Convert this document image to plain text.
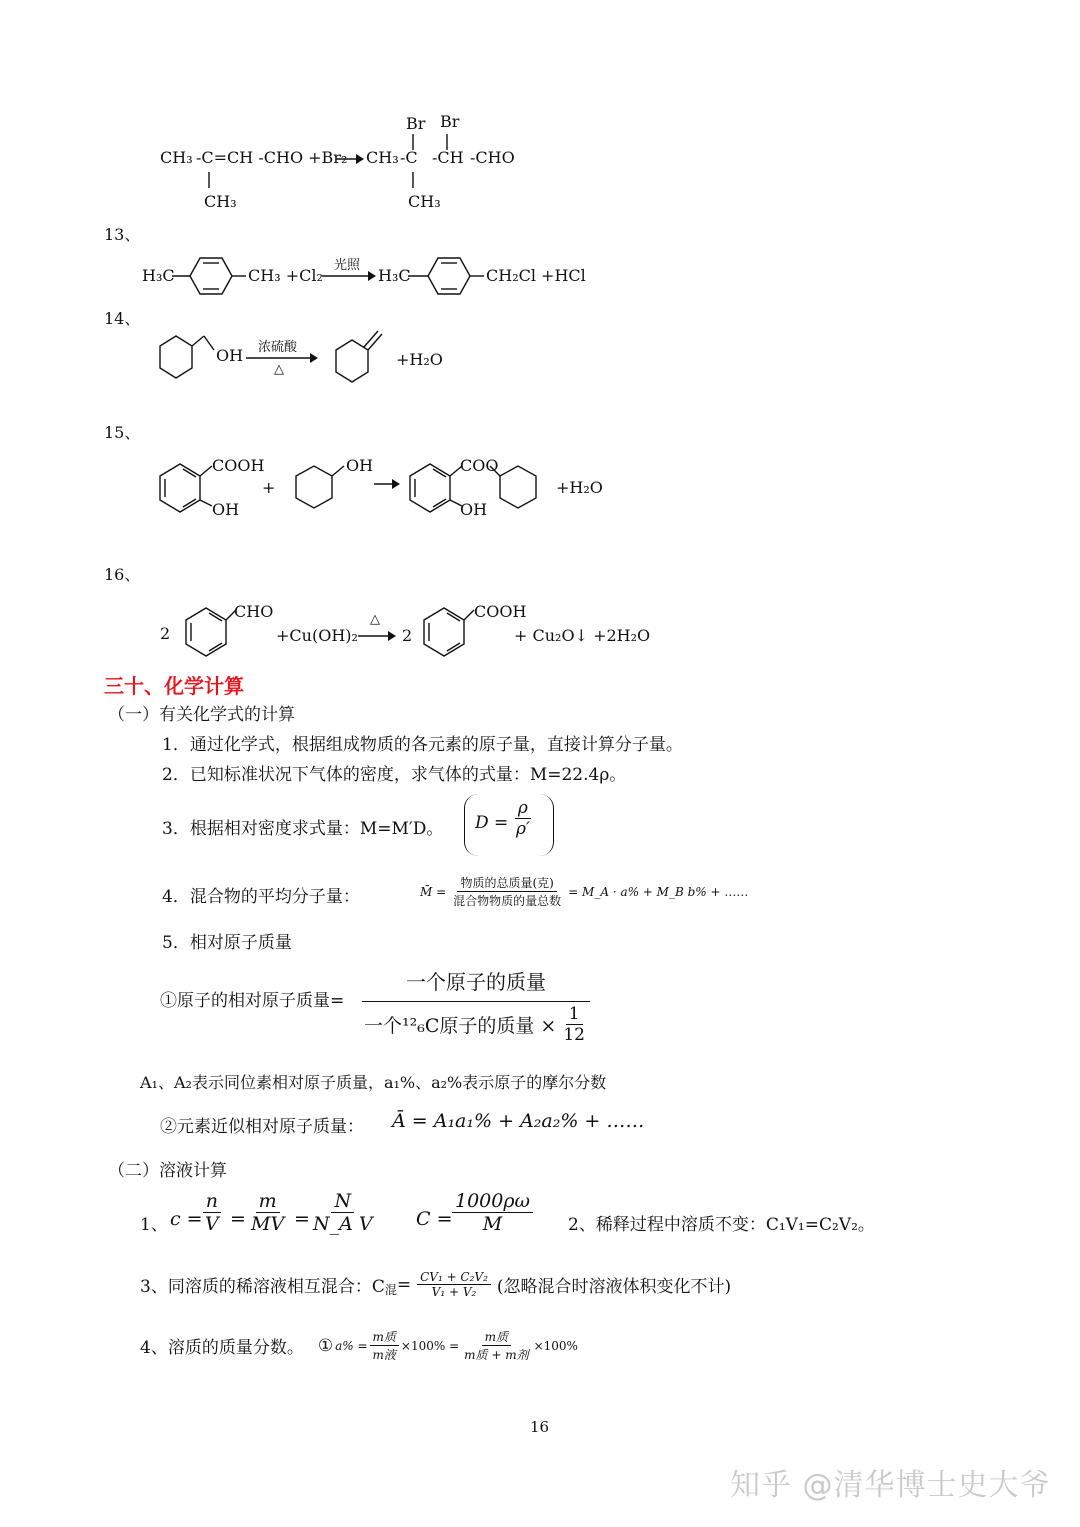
CH₃ -C=CH -CHO +Br₂
CH₃
CH₃ -C -CH -CHO
Br Br
CH₃
13、
H₃C	CH₃ +Cl₂
光照
H₃C	CH₂Cl +HCl
14、
OH 浓硫酸
△
+H₂O
15、
COOH
OH
+
OH	COO
OH
+H₂O
16、
2
CHO
+Cu(OH)₂
△
2
COOH
+ Cu₂O↓ +2H₂O
三十、化学计算
（一）有关化学式的计算
1．通过化学式，根据组成物质的各元素的原子量，直接计算分子量。
2．已知标准状况下气体的密度，求气体的式量：M=22.4ρ。
3．根据相对密度求式量：M=M′D。 $D = \frac{\rho}{\rho'}$
4．混合物的平均分子量：	M̄ = $\frac{\text{物质的总质量(克)}}{\text{混合物物质的量总数}}$ = M_A · a% + M_B b% + ……
5．相对原子质量
①原子的相对原子质量=
一个原子的质量
一个¹²₆C原子的质量 × $\frac{1}{12}$
A₁、A₂表示同位素相对原子质量，a₁%、a₂%表示原子的摩尔分数
②元素近似相对原子质量： Ā = A₁a₁% + A₂a₂% + ……
（二）溶液计算
1、 $c = \frac{n}{V} = \frac{m}{MV} = \frac{N}{\text{N\_A V}}$ $C = \frac{1000\rho\omega}{M} 2$、稀释过程中溶质不变：C₁V₁=C₂V₂。
3、同溶质的稀溶液相互混合：$C_混 = \frac{\text{CV₁ + C₂V₂}}{\text{V₁ + V₂}}$ (忽略混合时溶液体积变化不计)
4、溶质的质量分数。 ① $a\% = \frac{\text{m质}}{\text{m液}} \times 100\% = \frac{\text{m质}}{\text{m质 + m剂}} \times 100\%$
16
知乎 @清华博士史大爷
